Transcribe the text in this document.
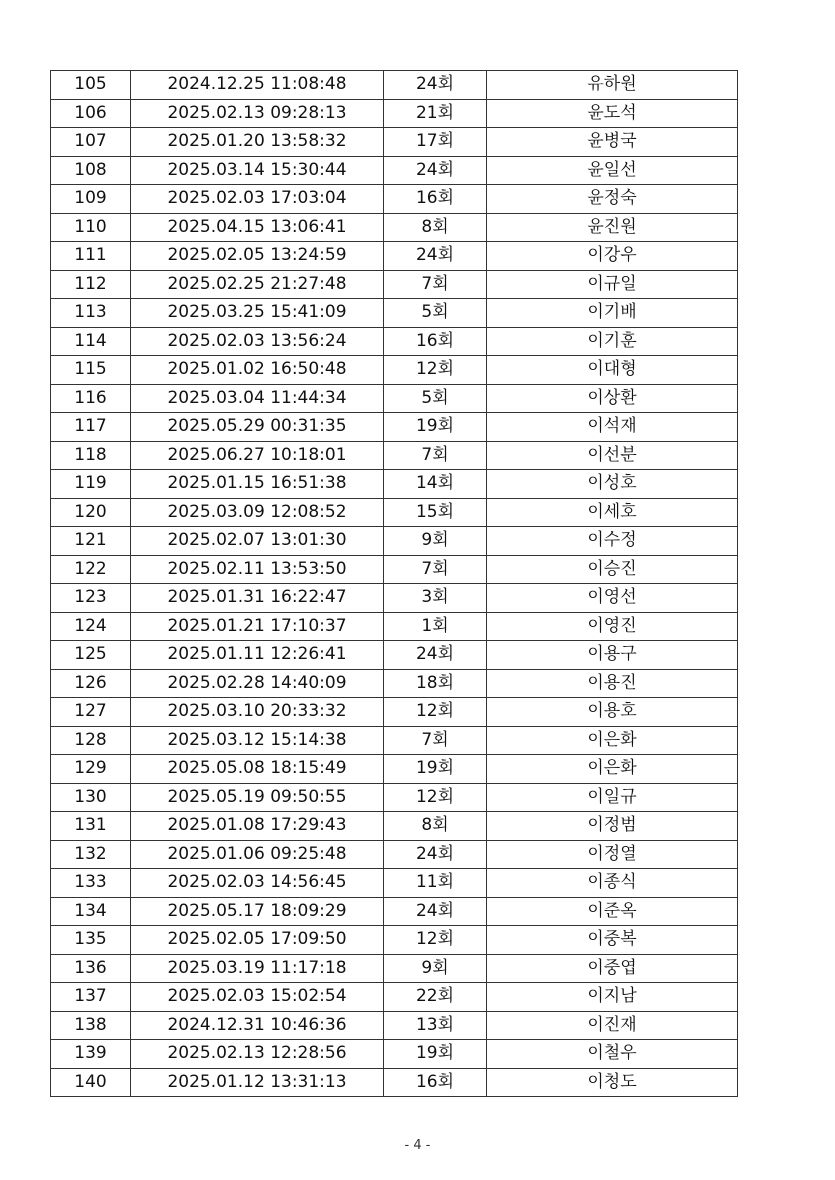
105	2024.12.25 11:08:48	24회	유하원
106	2025.02.13 09:28:13	21회	윤도석
107	2025.01.20 13:58:32	17회	윤병국
108	2025.03.14 15:30:44	24회	윤일선
109	2025.02.03 17:03:04	16회	윤정숙
110	2025.04.15 13:06:41	8회	윤진원
111	2025.02.05 13:24:59	24회	이강우
112	2025.02.25 21:27:48	7회	이규일
113	2025.03.25 15:41:09	5회	이기배
114	2025.02.03 13:56:24	16회	이기훈
115	2025.01.02 16:50:48	12회	이대형
116	2025.03.04 11:44:34	5회	이상환
117	2025.05.29 00:31:35	19회	이석재
118	2025.06.27 10:18:01	7회	이선분
119	2025.01.15 16:51:38	14회	이성호
120	2025.03.09 12:08:52	15회	이세호
121	2025.02.07 13:01:30	9회	이수정
122	2025.02.11 13:53:50	7회	이승진
123	2025.01.31 16:22:47	3회	이영선
124	2025.01.21 17:10:37	1회	이영진
125	2025.01.11 12:26:41	24회	이용구
126	2025.02.28 14:40:09	18회	이용진
127	2025.03.10 20:33:32	12회	이용호
128	2025.03.12 15:14:38	7회	이은화
129	2025.05.08 18:15:49	19회	이은화
130	2025.05.19 09:50:55	12회	이일규
131	2025.01.08 17:29:43	8회	이정범
132	2025.01.06 09:25:48	24회	이정열
133	2025.02.03 14:56:45	11회	이종식
134	2025.05.17 18:09:29	24회	이준옥
135	2025.02.05 17:09:50	12회	이중복
136	2025.03.19 11:17:18	9회	이중엽
137	2025.02.03 15:02:54	22회	이지남
138	2024.12.31 10:46:36	13회	이진재
139	2025.02.13 12:28:56	19회	이철우
140	2025.01.12 13:31:13	16회	이청도
- 4 -
